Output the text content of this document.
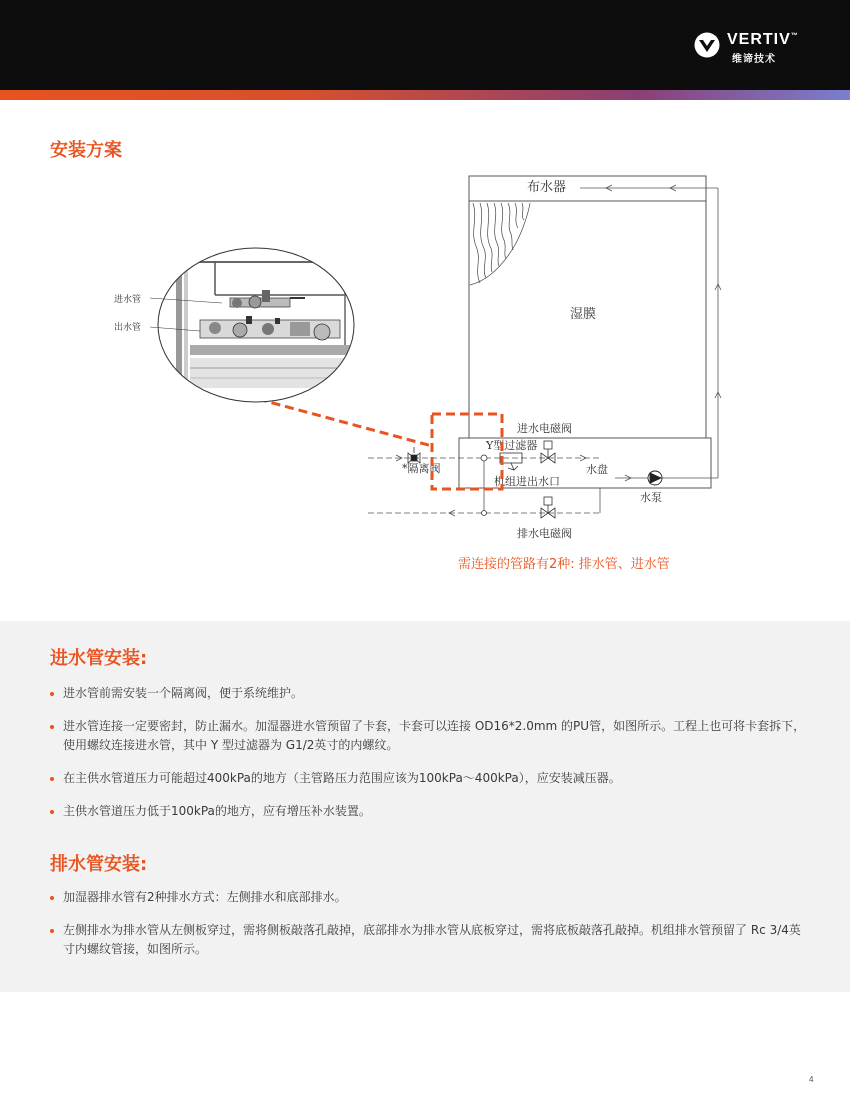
VERTIV™
维谛技术
安装方案
布水器
湿膜
进水电磁阀
Y型过滤器
水盘
机组进出水口
水泵
*隔离阀
排水电磁阀
进水管
出水管
需连接的管路有2种: 排水管、进水管
进水管安装:
进水管前需安装一个隔离阀，便于系统维护。
进水管连接一定要密封，防止漏水。加湿器进水管预留了卡套，卡套可以连接 OD16*2.0mm 的PU管，如图所示。工程上也可将卡套拆下，使用螺纹连接进水管，其中 Y 型过滤器为 G1/2英寸的内螺纹。
在主供水管道压力可能超过400kPa的地方（主管路压力范围应该为100kPa～400kPa），应安装减压器。
主供水管道压力低于100kPa的地方，应有增压补水装置。
排水管安装:
加湿器排水管有2种排水方式：左侧排水和底部排水。
左侧排水为排水管从左侧板穿过，需将侧板敲落孔敲掉，底部排水为排水管从底板穿过，需将底板敲落孔敲掉。机组排水管预留了 Rc 3/4英寸内螺纹管接，如图所示。
4
